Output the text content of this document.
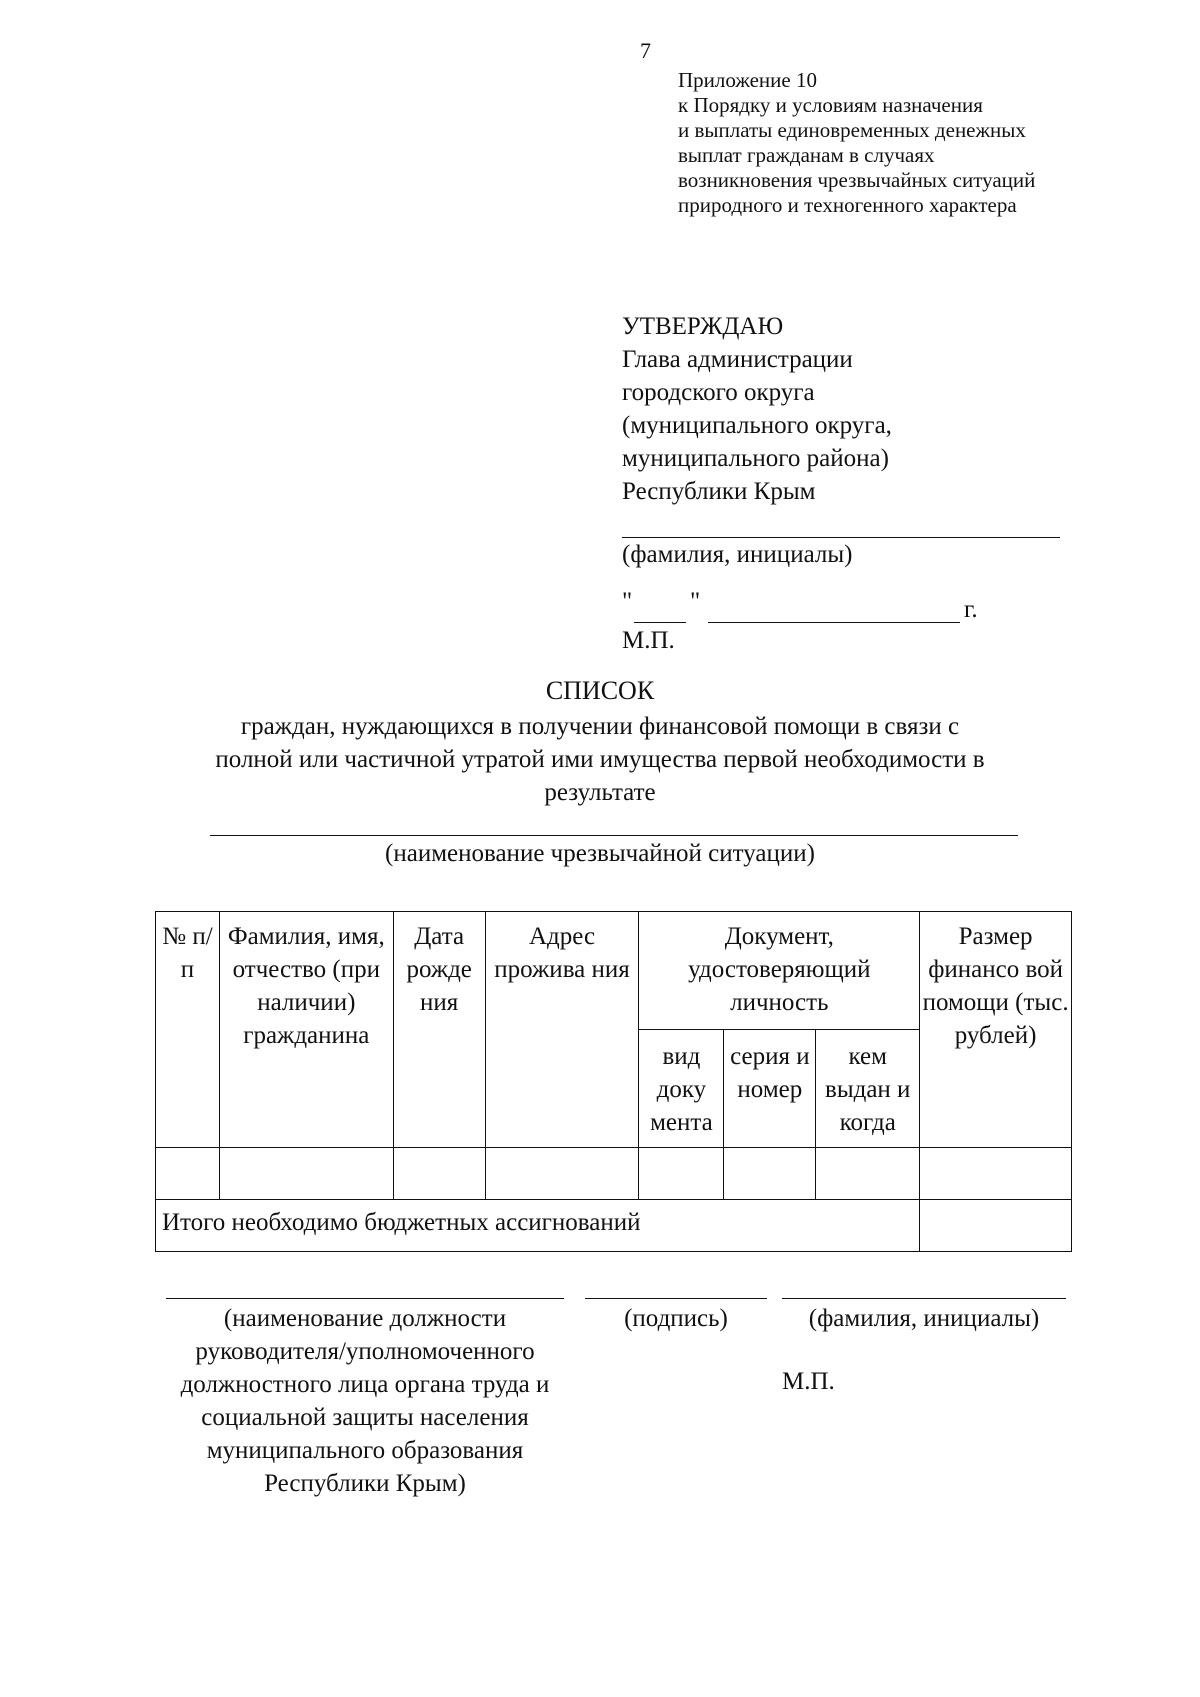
7
Приложение 10
к Порядку и условиям назначения
и выплаты единовременных денежных
выплат гражданам в случаях
возникновения чрезвычайных ситуаций
природного и техногенного характера
УТВЕРЖДАЮ
Глава администрации
городского округа
(муниципального округа,
муниципального района)
Республики Крым
(фамилия, инициалы)
" "	г.
М.П.
СПИСОК
граждан, нуждающихся в получении финансовой помощи в связи с
полной или частичной утратой ими имущества первой необходимости в
результате
(наименование чрезвычайной ситуации)
№ п/п	Фамилия, имя, отчество (при наличии) гражданина	Дата рожде ния	Адрес прожива ния	Документ, удостоверяющий личность			Размер финансо вой помощи (тыс. рублей)
				вид доку мента	серия и номер	кем выдан и когда	

Итого необходимо бюджетных ассигнований							
(наименование должности руководителя/уполномоченного должностного лица органа труда и социальной защиты населения муниципального образования Республики Крым)
(подпись)	(фамилия, инициалы)
М.П.
